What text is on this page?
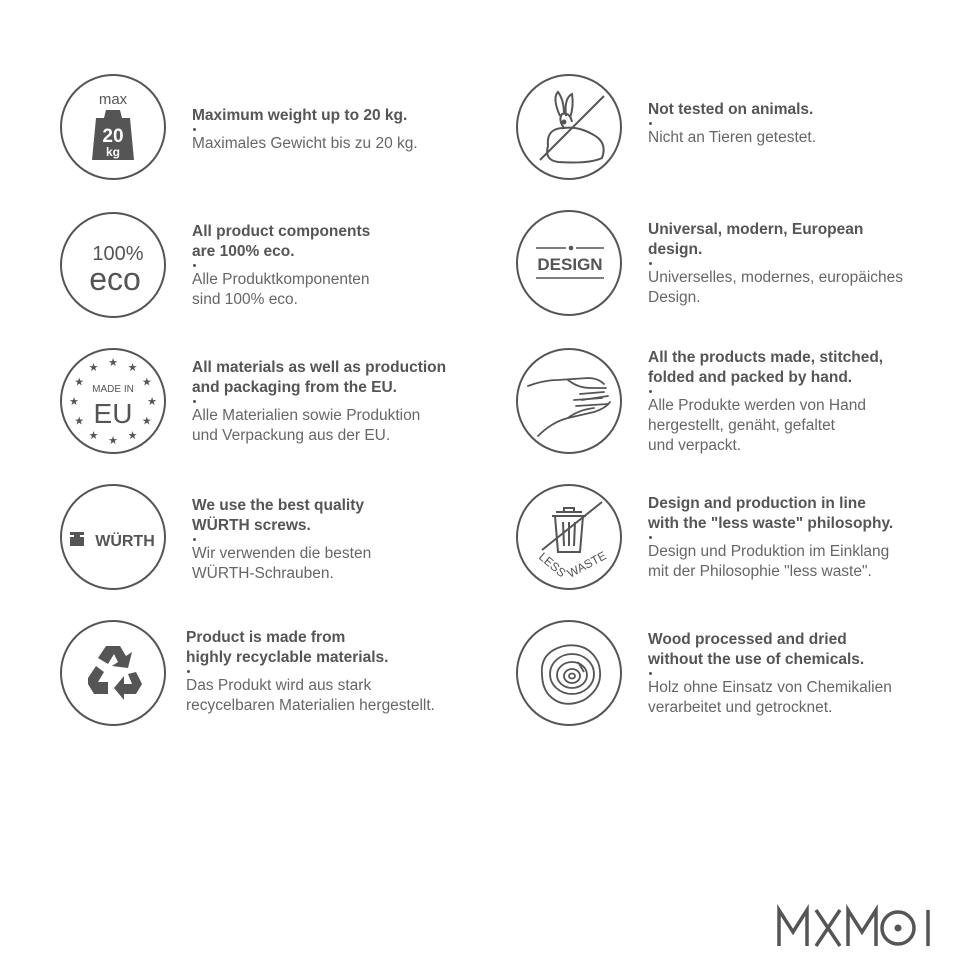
max
20
kg
Maximum weight up to 20 kg.
Maximales Gewicht bis zu 20 kg.
Not tested on animals.
Nicht an Tieren getestet.
100%
eco
All product components
are 100% eco.
Alle Produktkomponenten
sind 100% eco.
DESIGN
Universal, modern, European
design.
Universelles, modernes, europäiches
Design.
MADE IN
EU
★ ★
★
★
★
★
★
★
★
★
★
★	All materials as well as production
and packaging from the EU.
Alle Materialien sowie Produktion
und Verpackung aus der EU.
All the products made, stitched,
folded and packed by hand.
Alle Produkte werden von Hand
hergestellt, genäht, gefaltet
und verpackt.
WÜRTH
We use the best quality
WÜRTH screws.
Wir verwenden die besten
WÜRTH-Schrauben.	LESS
WASTE
Design and production in line
with the "less waste" philosophy.
Design und Produktion im Einklang
mit der Philosophie "less waste".
Product is made from
highly recyclable materials.
Das Produkt wird aus stark
recycelbaren Materialien hergestellt.
Wood processed and dried
without the use of chemicals.
Holz ohne Einsatz von Chemikalien
verarbeitet und getrocknet.
MAMOI
